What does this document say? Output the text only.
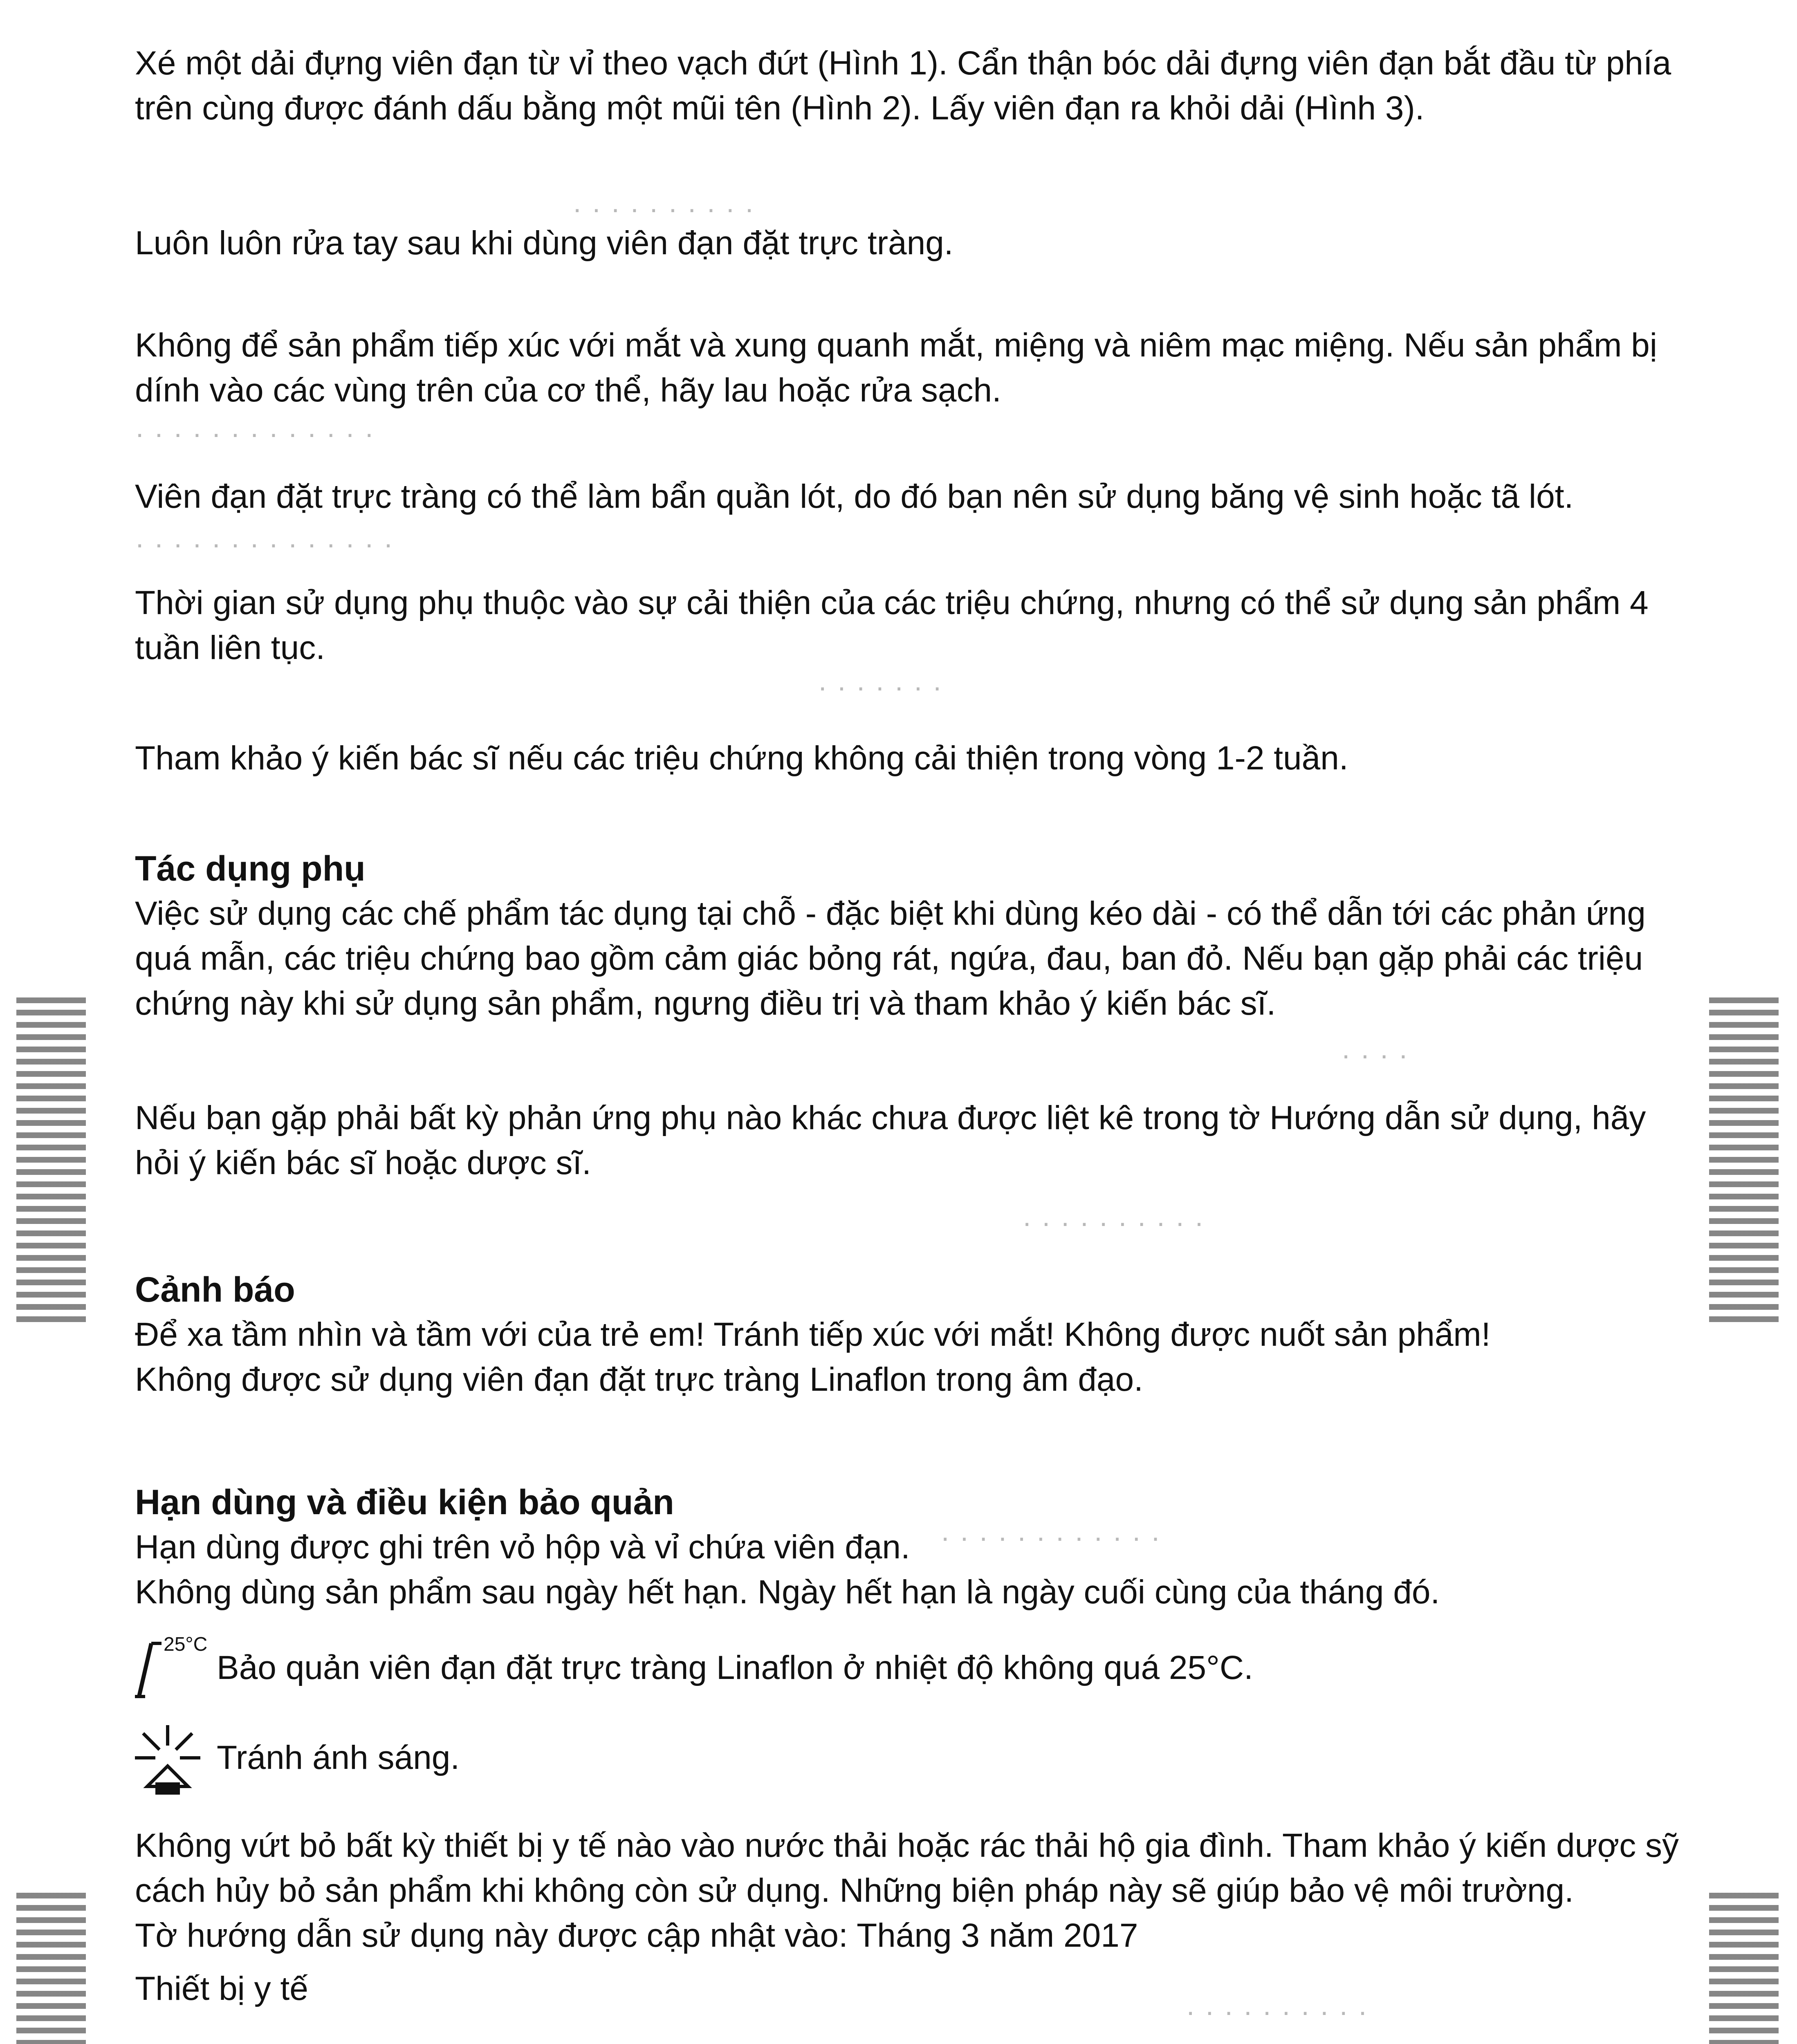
· · · · · · · · · ·
· · · · · · · · · · · · ·
· · · · · · · · · · · · · ·
· · · · · · ·
· · · ·
· · · · · · · · · ·
· · · · · · · · · · · ·
· · · · · · · · · ·

Xé một dải đựng viên đạn từ vỉ theo vạch đứt (Hình 1). Cẩn thận bóc dải đựng viên đạn bắt đầu từ phía

trên cùng được đánh dấu bằng một mũi tên (Hình 2). Lấy viên đạn ra khỏi dải (Hình 3).

Luôn luôn rửa tay sau khi dùng viên đạn đặt trực tràng.

Không để sản phẩm tiếp xúc với mắt và xung quanh mắt, miệng và niêm mạc miệng. Nếu sản phẩm bị

dính vào các vùng trên của cơ thể, hãy lau hoặc rửa sạch.

Viên đạn đặt trực tràng có thể làm bẩn quần lót, do đó bạn nên sử dụng băng vệ sinh hoặc tã lót.

Thời gian sử dụng phụ thuộc vào sự cải thiện của các triệu chứng, nhưng có thể sử dụng sản phẩm 4

tuần liên tục.

Tham khảo ý kiến bác sĩ nếu các triệu chứng không cải thiện trong vòng 1-2 tuần.

Tác dụng phụ

Việc sử dụng các chế phẩm tác dụng tại chỗ - đặc biệt khi dùng kéo dài - có thể dẫn tới các phản ứng

quá mẫn, các triệu chứng bao gồm cảm giác bỏng rát, ngứa, đau, ban đỏ. Nếu bạn gặp phải các triệu

chứng này khi sử dụng sản phẩm, ngưng điều trị và tham khảo ý kiến bác sĩ.

Nếu bạn gặp phải bất kỳ phản ứng phụ nào khác chưa được liệt kê trong tờ Hướng dẫn sử dụng, hãy

hỏi ý kiến bác sĩ hoặc dược sĩ.

Cảnh báo

Để xa tầm nhìn và tầm với của trẻ em! Tránh tiếp xúc với mắt! Không được nuốt sản phẩm!

Không được sử dụng viên đạn đặt trực tràng Linaflon trong âm đạo.

Hạn dùng và điều kiện bảo quản

Hạn dùng được ghi trên vỏ hộp và vỉ chứa viên đạn.

Không dùng sản phẩm sau ngày hết hạn. Ngày hết hạn là ngày cuối cùng của tháng đó.

25°C
Bảo quản viên đạn đặt trực tràng Linaflon ở nhiệt độ không quá 25°C.
Tránh ánh sáng.

Không vứt bỏ bất kỳ thiết bị y tế nào vào nước thải hoặc rác thải hộ gia đình. Tham khảo ý kiến dược sỹ

cách hủy bỏ sản phẩm khi không còn sử dụng. Những biện pháp này sẽ giúp bảo vệ môi trường.

Tờ hướng dẫn sử dụng này được cập nhật vào: Tháng 3 năm 2017

Thiết bị y tế
